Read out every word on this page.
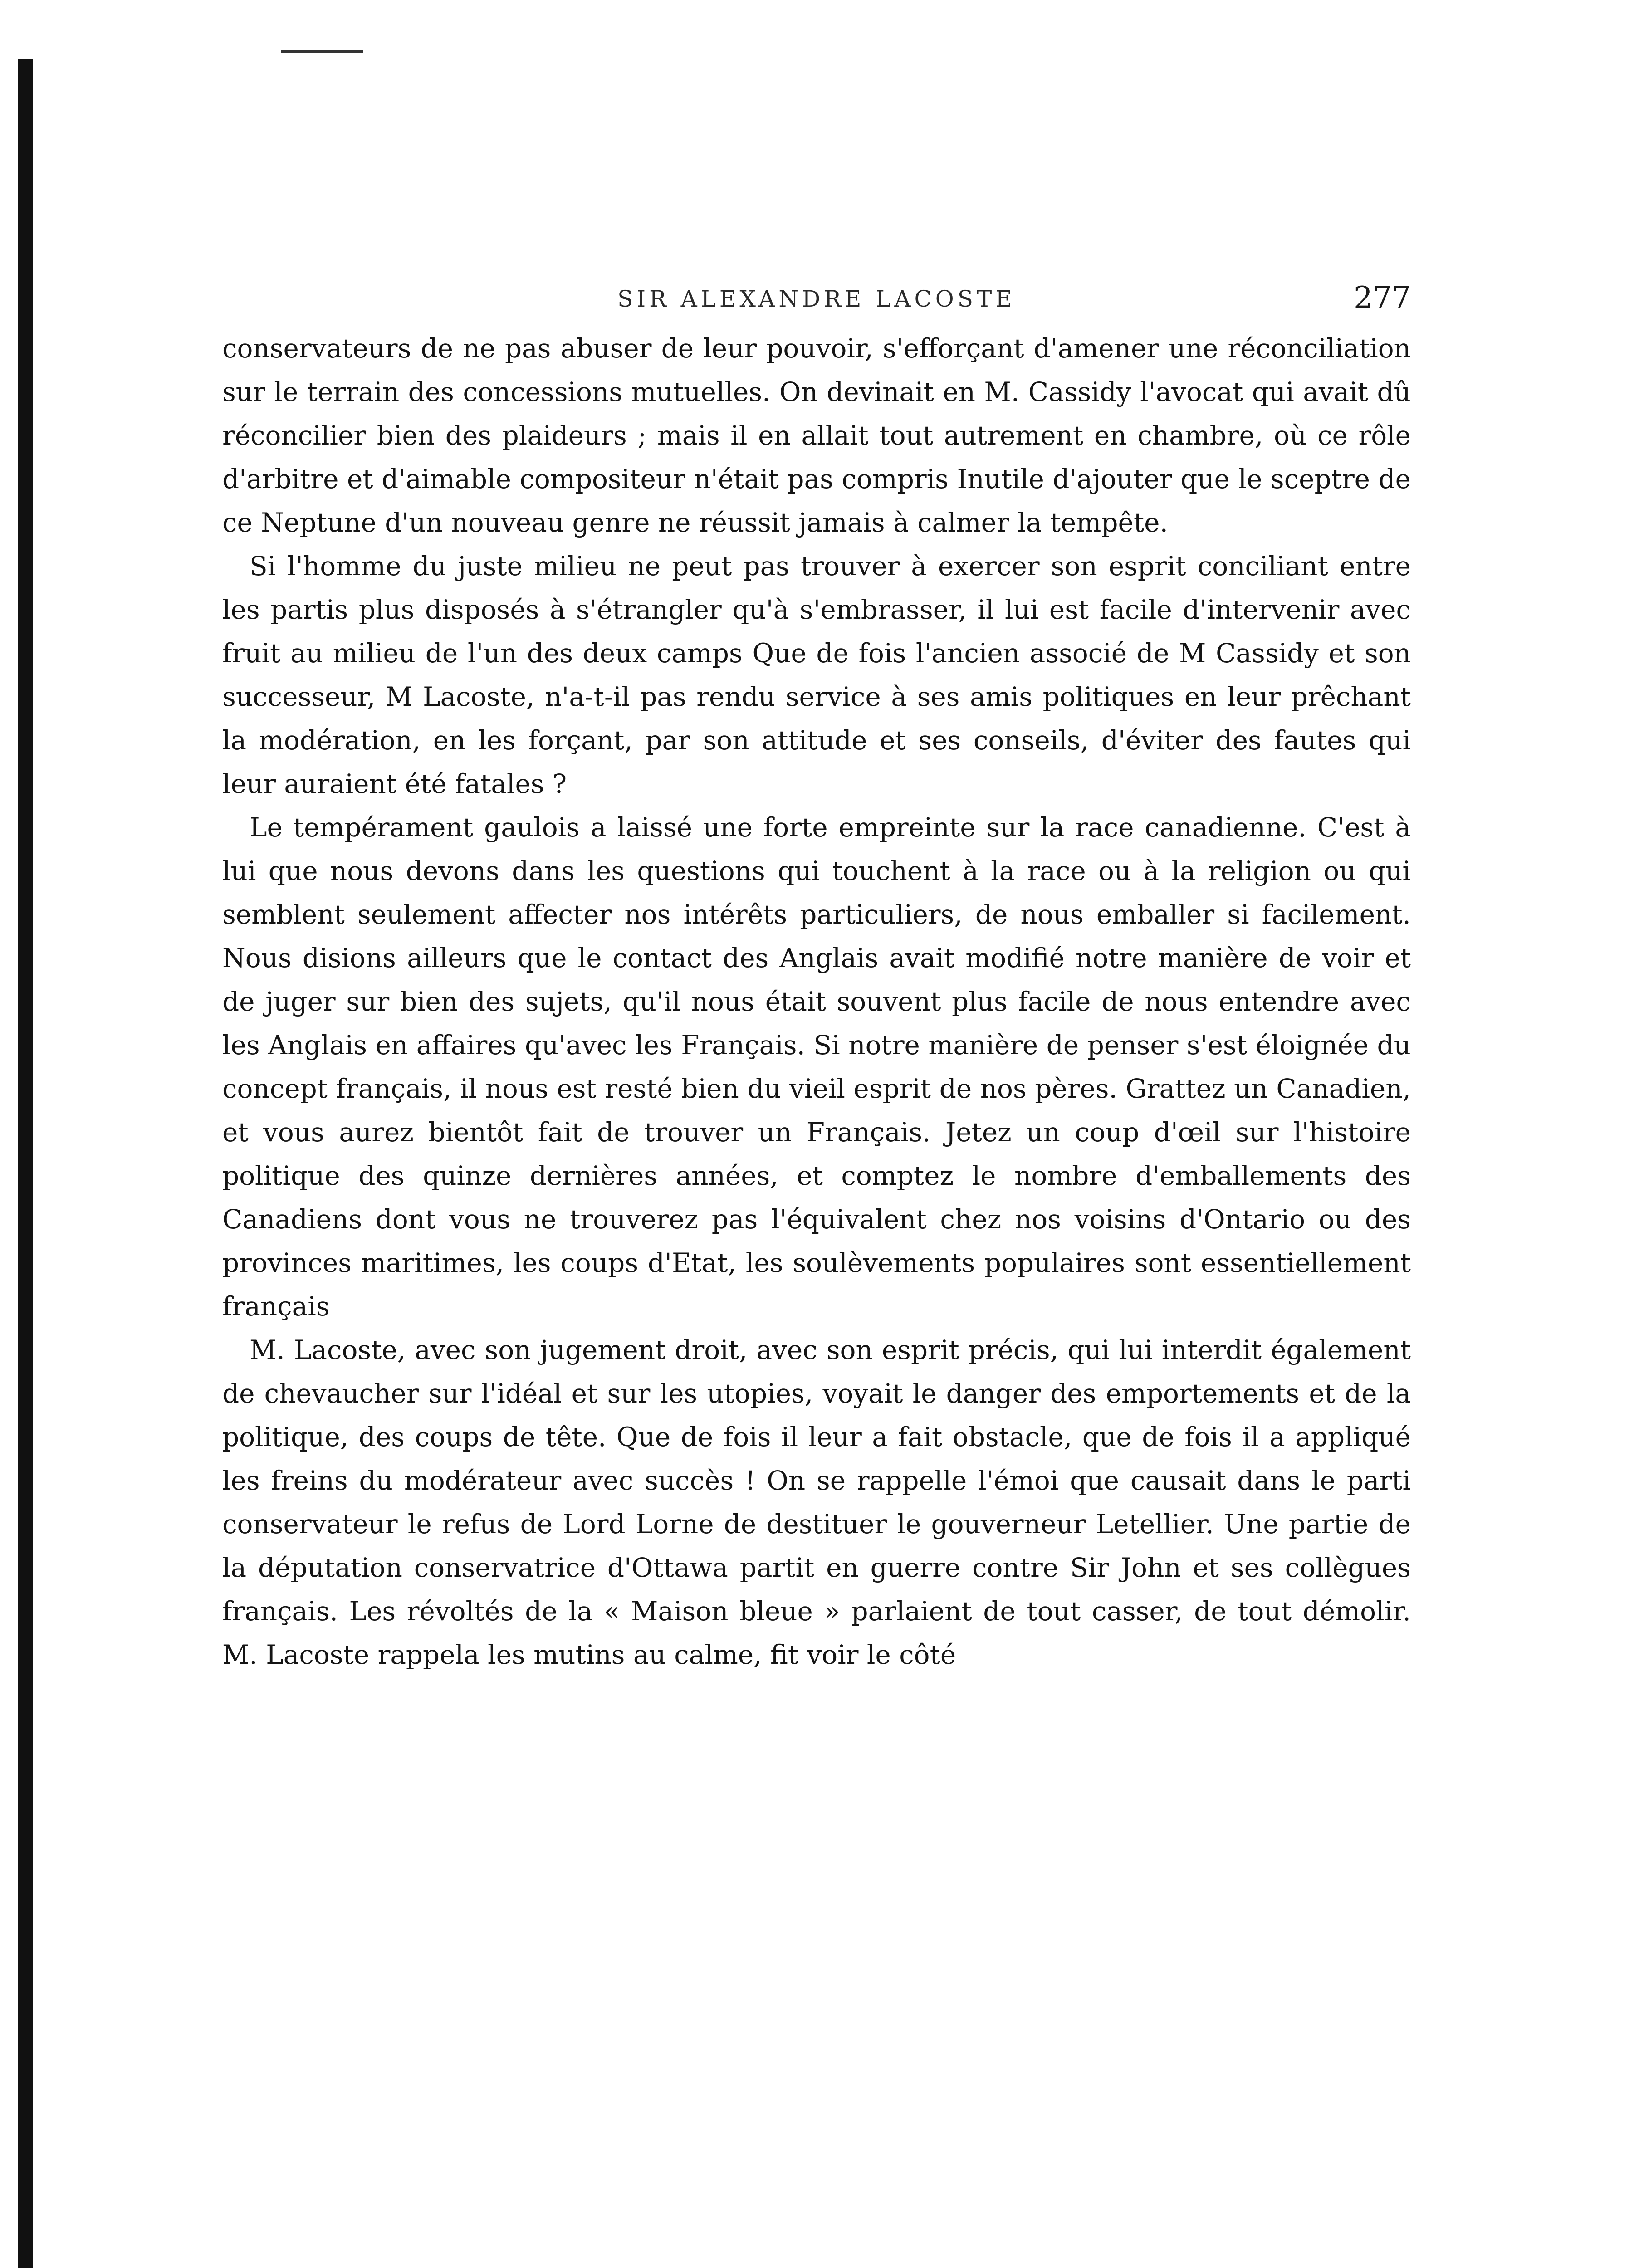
SIR ALEXANDRE LACOSTE	277

conservateurs de ne pas abuser de leur pouvoir, s'efforçant d'amener une réconciliation sur le terrain des concessions mutuelles. On devinait en M. Cassidy l'avocat qui avait dû réconcilier bien des plaideurs ; mais il en allait tout autrement en chambre, où ce rôle d'arbitre et d'aimable compositeur n'était pas compris Inutile d'ajouter que le sceptre de ce Neptune d'un nouveau genre ne réussit jamais à calmer la tempête.

Si l'homme du juste milieu ne peut pas trouver à exercer son esprit conciliant entre les partis plus disposés à s'étrangler qu'à s'embrasser, il lui est facile d'intervenir avec fruit au milieu de l'un des deux camps Que de fois l'ancien associé de M Cassidy et son successeur, M Lacoste, n'a-t-il pas rendu service à ses amis politiques en leur prêchant la modération, en les forçant, par son attitude et ses conseils, d'éviter des fautes qui leur auraient été fatales ?

Le tempérament gaulois a laissé une forte empreinte sur la race canadienne. C'est à lui que nous devons dans les questions qui touchent à la race ou à la religion ou qui semblent seulement affecter nos intérêts particuliers, de nous emballer si facilement. Nous disions ailleurs que le contact des Anglais avait modifié notre manière de voir et de juger sur bien des sujets, qu'il nous était souvent plus facile de nous entendre avec les Anglais en affaires qu'avec les Français. Si notre manière de penser s'est éloignée du concept français, il nous est resté bien du vieil esprit de nos pères. Grattez un Canadien, et vous aurez bientôt fait de trouver un Français. Jetez un coup d'œil sur l'histoire politique des quinze dernières années, et comptez le nombre d'emballements des Canadiens dont vous ne trouverez pas l'équivalent chez nos voisins d'Ontario ou des provinces maritimes, les coups d'Etat, les soulèvements populaires sont essentiellement français

M. Lacoste, avec son jugement droit, avec son esprit précis, qui lui interdit également de chevaucher sur l'idéal et sur les utopies, voyait le danger des emportements et de la politique, des coups de tête. Que de fois il leur a fait obstacle, que de fois il a appliqué les freins du modérateur avec succès ! On se rappelle l'émoi que causait dans le parti conservateur le refus de Lord Lorne de destituer le gouverneur Letellier. Une partie de la députation conservatrice d'Ottawa partit en guerre contre Sir John et ses collègues français. Les révoltés de la « Maison bleue » parlaient de tout casser, de tout démolir. M. Lacoste rappela les mutins au calme, fit voir le côté
